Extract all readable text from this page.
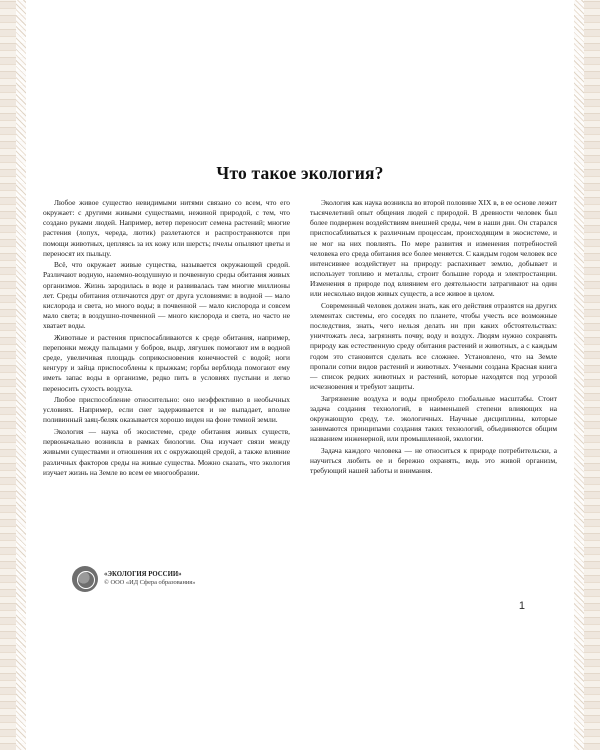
Что такое экология?

Любое живое существо невидимыми нитями связано со всем, что его окружает: с другими живыми существами, нежиной природой, с тем, что создано руками людей. Например, ветер переносит семена растений; многие растения (лопух, череда, лютик) разлетаются и распространяются при помощи животных, цепляясь за их кожу или шерсть; пчелы опыляют цветы и переносят их пыльцу.

Всё, что окружает живые существа, называется окружающей средой. Различают водную, наземно-воздушную и почвенную среды обитания живых организмов. Жизнь зародилась в воде и развивалась там многие миллионы лет. Среды обитания отличаются друг от друга условиями: в водной — мало кислорода и света, но много воды; в почвенной — мало кислорода и совсем мало света; в воздушно-почвенной — много кислорода и света, но часто не хватает воды.

Животные и растения приспосабливаются к среде обитания, например, перепонки между пальцами у бобров, выдр, лягушек помогают им в водной среде, увеличивая площадь соприкосновения конечностей с водой; ноги кенгуру и зайца приспособлены к прыжкам; горбы верблюда помогают ему иметь запас воды в организме, редко пить в условиях пустыни и легко переносить сухость воздуха.

Любое приспособление относительно: оно неэффективно в необычных условиях. Например, если снег задерживается и не выпадает, вполне поливинный заяц-беляк оказывается хорошо виден на фоне темной земли.

Экология — наука об экосистеме, среде обитания живых существ, первоначально возникла в рамках биологии. Она изучает связи между живыми существами и отношения их с окружающей средой, а также влияние различных факторов среды на живые существа. Можно сказать, что экология изучает жизнь на Земле во всем ее многообразии.

Экология как наука возникла во второй половине XIX в, в ее основе лежит тысячелетний опыт общения людей с природой. В древности человек был более подвержен воздействиям внешней среды, чем в наши дни. Он старался приспосабливаться к различным процессам, происходящим в экосистеме, и не мог на них повлиять. По мере развития и изменения потребностей человека его среда обитания все более меняется. С каждым годом человек все интенсивнее воздействует на природу: распахивает землю, добывает и использует топливо и металлы, строит большие города и электростанции. Изменения в природе под влиянием его деятельности затрагивают на один или несколько видов живых существ, а все живое в целом.

Современный человек должен знать, как его действия отразятся на других элементах системы, его соседях по планете, чтобы учесть все возможные последствия, знать, чего нельзя делать ни при каких обстоятельствах: уничтожать леса, загрязнять почву, воду и воздух. Людям нужно сохранять природу как естественную среду обитания растений и животных, а с каждым годом это становится сделать все сложнее. Установлено, что на Земле пропали сотни видов растений и животных. Учеными создана Красная книга — список редких животных и растений, которые находятся под угрозой исчезновения и требуют защиты.

Загрязнение воздуха и воды приобрело глобальные масштабы. Стоит задача создания технологий, в наименьшей степени влияющих на окружающую среду, т.е. экологичных. Научные дисциплины, которые занимаются принципами создания таких технологий, объединяются общим названием инженерной, или промышленной, экологии.

Задача каждого человека — не относиться к природе потребительски, а научиться любить ее и бережно охранять, ведь это живой организм, требующий нашей заботы и внимания.

«ЭКОЛОГИЯ РОССИИ»
© ООО «ИД Сфера образования»
1
